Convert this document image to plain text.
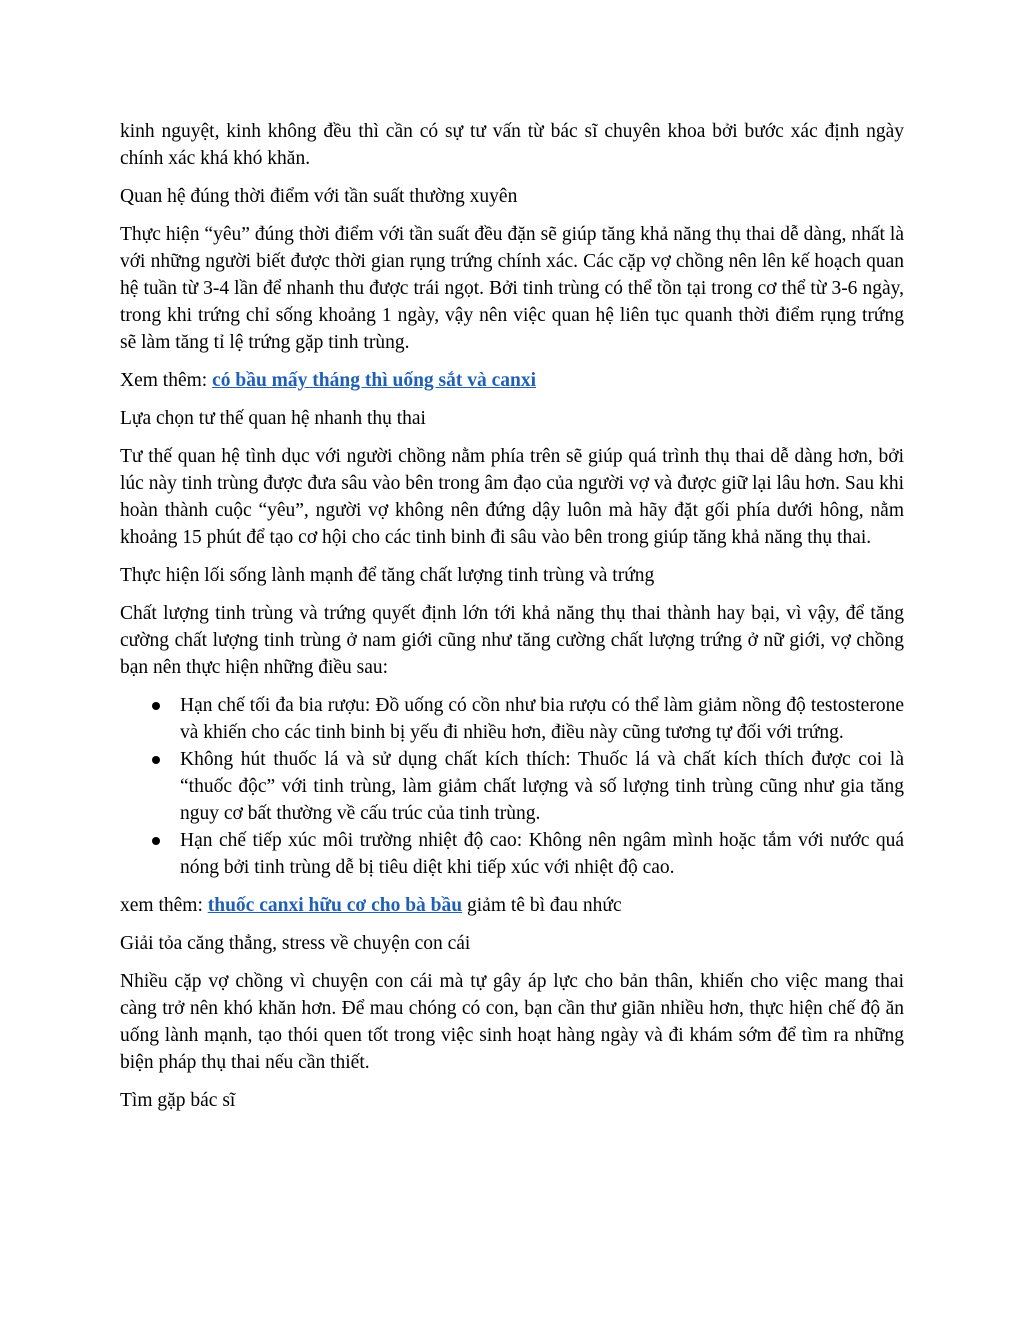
kinh nguyệt, kinh không đều thì cần có sự tư vấn từ bác sĩ chuyên khoa bởi bước xác định ngày chính xác khá khó khăn.

Quan hệ đúng thời điểm với tần suất thường xuyên

Thực hiện “yêu” đúng thời điểm với tần suất đều đặn sẽ giúp tăng khả năng thụ thai dễ dàng, nhất là với những người biết được thời gian rụng trứng chính xác. Các cặp vợ chồng nên lên kế hoạch quan hệ tuần từ 3-4 lần để nhanh thu được trái ngọt. Bởi tinh trùng có thể tồn tại trong cơ thể từ 3-6 ngày, trong khi trứng chỉ sống khoảng 1 ngày, vậy nên việc quan hệ liên tục quanh thời điểm rụng trứng sẽ làm tăng tỉ lệ trứng gặp tinh trùng.

Xem thêm: có bầu mấy tháng thì uống sắt và canxi

Lựa chọn tư thế quan hệ nhanh thụ thai

Tư thế quan hệ tình dục với người chồng nằm phía trên sẽ giúp quá trình thụ thai dễ dàng hơn, bởi lúc này tinh trùng được đưa sâu vào bên trong âm đạo của người vợ và được giữ lại lâu hơn. Sau khi hoàn thành cuộc “yêu”, người vợ không nên đứng dậy luôn mà hãy đặt gối phía dưới hông, nằm khoảng 15 phút để tạo cơ hội cho các tinh binh đi sâu vào bên trong giúp tăng khả năng thụ thai.

Thực hiện lối sống lành mạnh để tăng chất lượng tinh trùng và trứng

Chất lượng tinh trùng và trứng quyết định lớn tới khả năng thụ thai thành hay bại, vì vậy, để tăng cường chất lượng tinh trùng ở nam giới cũng như tăng cường chất lượng trứng ở nữ giới, vợ chồng bạn nên thực hiện những điều sau:

Hạn chế tối đa bia rượu: Đồ uống có cồn như bia rượu có thể làm giảm nồng độ testosterone và khiến cho các tinh binh bị yếu đi nhiều hơn, điều này cũng tương tự đối với trứng.
Không hút thuốc lá và sử dụng chất kích thích: Thuốc lá và chất kích thích được coi là “thuốc độc” với tinh trùng, làm giảm chất lượng và số lượng tinh trùng cũng như gia tăng nguy cơ bất thường về cấu trúc của tinh trùng.
Hạn chế tiếp xúc môi trường nhiệt độ cao: Không nên ngâm mình hoặc tắm với nước quá nóng bởi tinh trùng dễ bị tiêu diệt khi tiếp xúc với nhiệt độ cao.

xem thêm: thuốc canxi hữu cơ cho bà bầu giảm tê bì đau nhức

Giải tỏa căng thẳng, stress về chuyện con cái

Nhiều cặp vợ chồng vì chuyện con cái mà tự gây áp lực cho bản thân, khiến cho việc mang thai càng trở nên khó khăn hơn. Để mau chóng có con, bạn cần thư giãn nhiều hơn, thực hiện chế độ ăn uống lành mạnh, tạo thói quen tốt trong việc sinh hoạt hàng ngày và đi khám sớm để tìm ra những biện pháp thụ thai nếu cần thiết.

Tìm gặp bác sĩ
